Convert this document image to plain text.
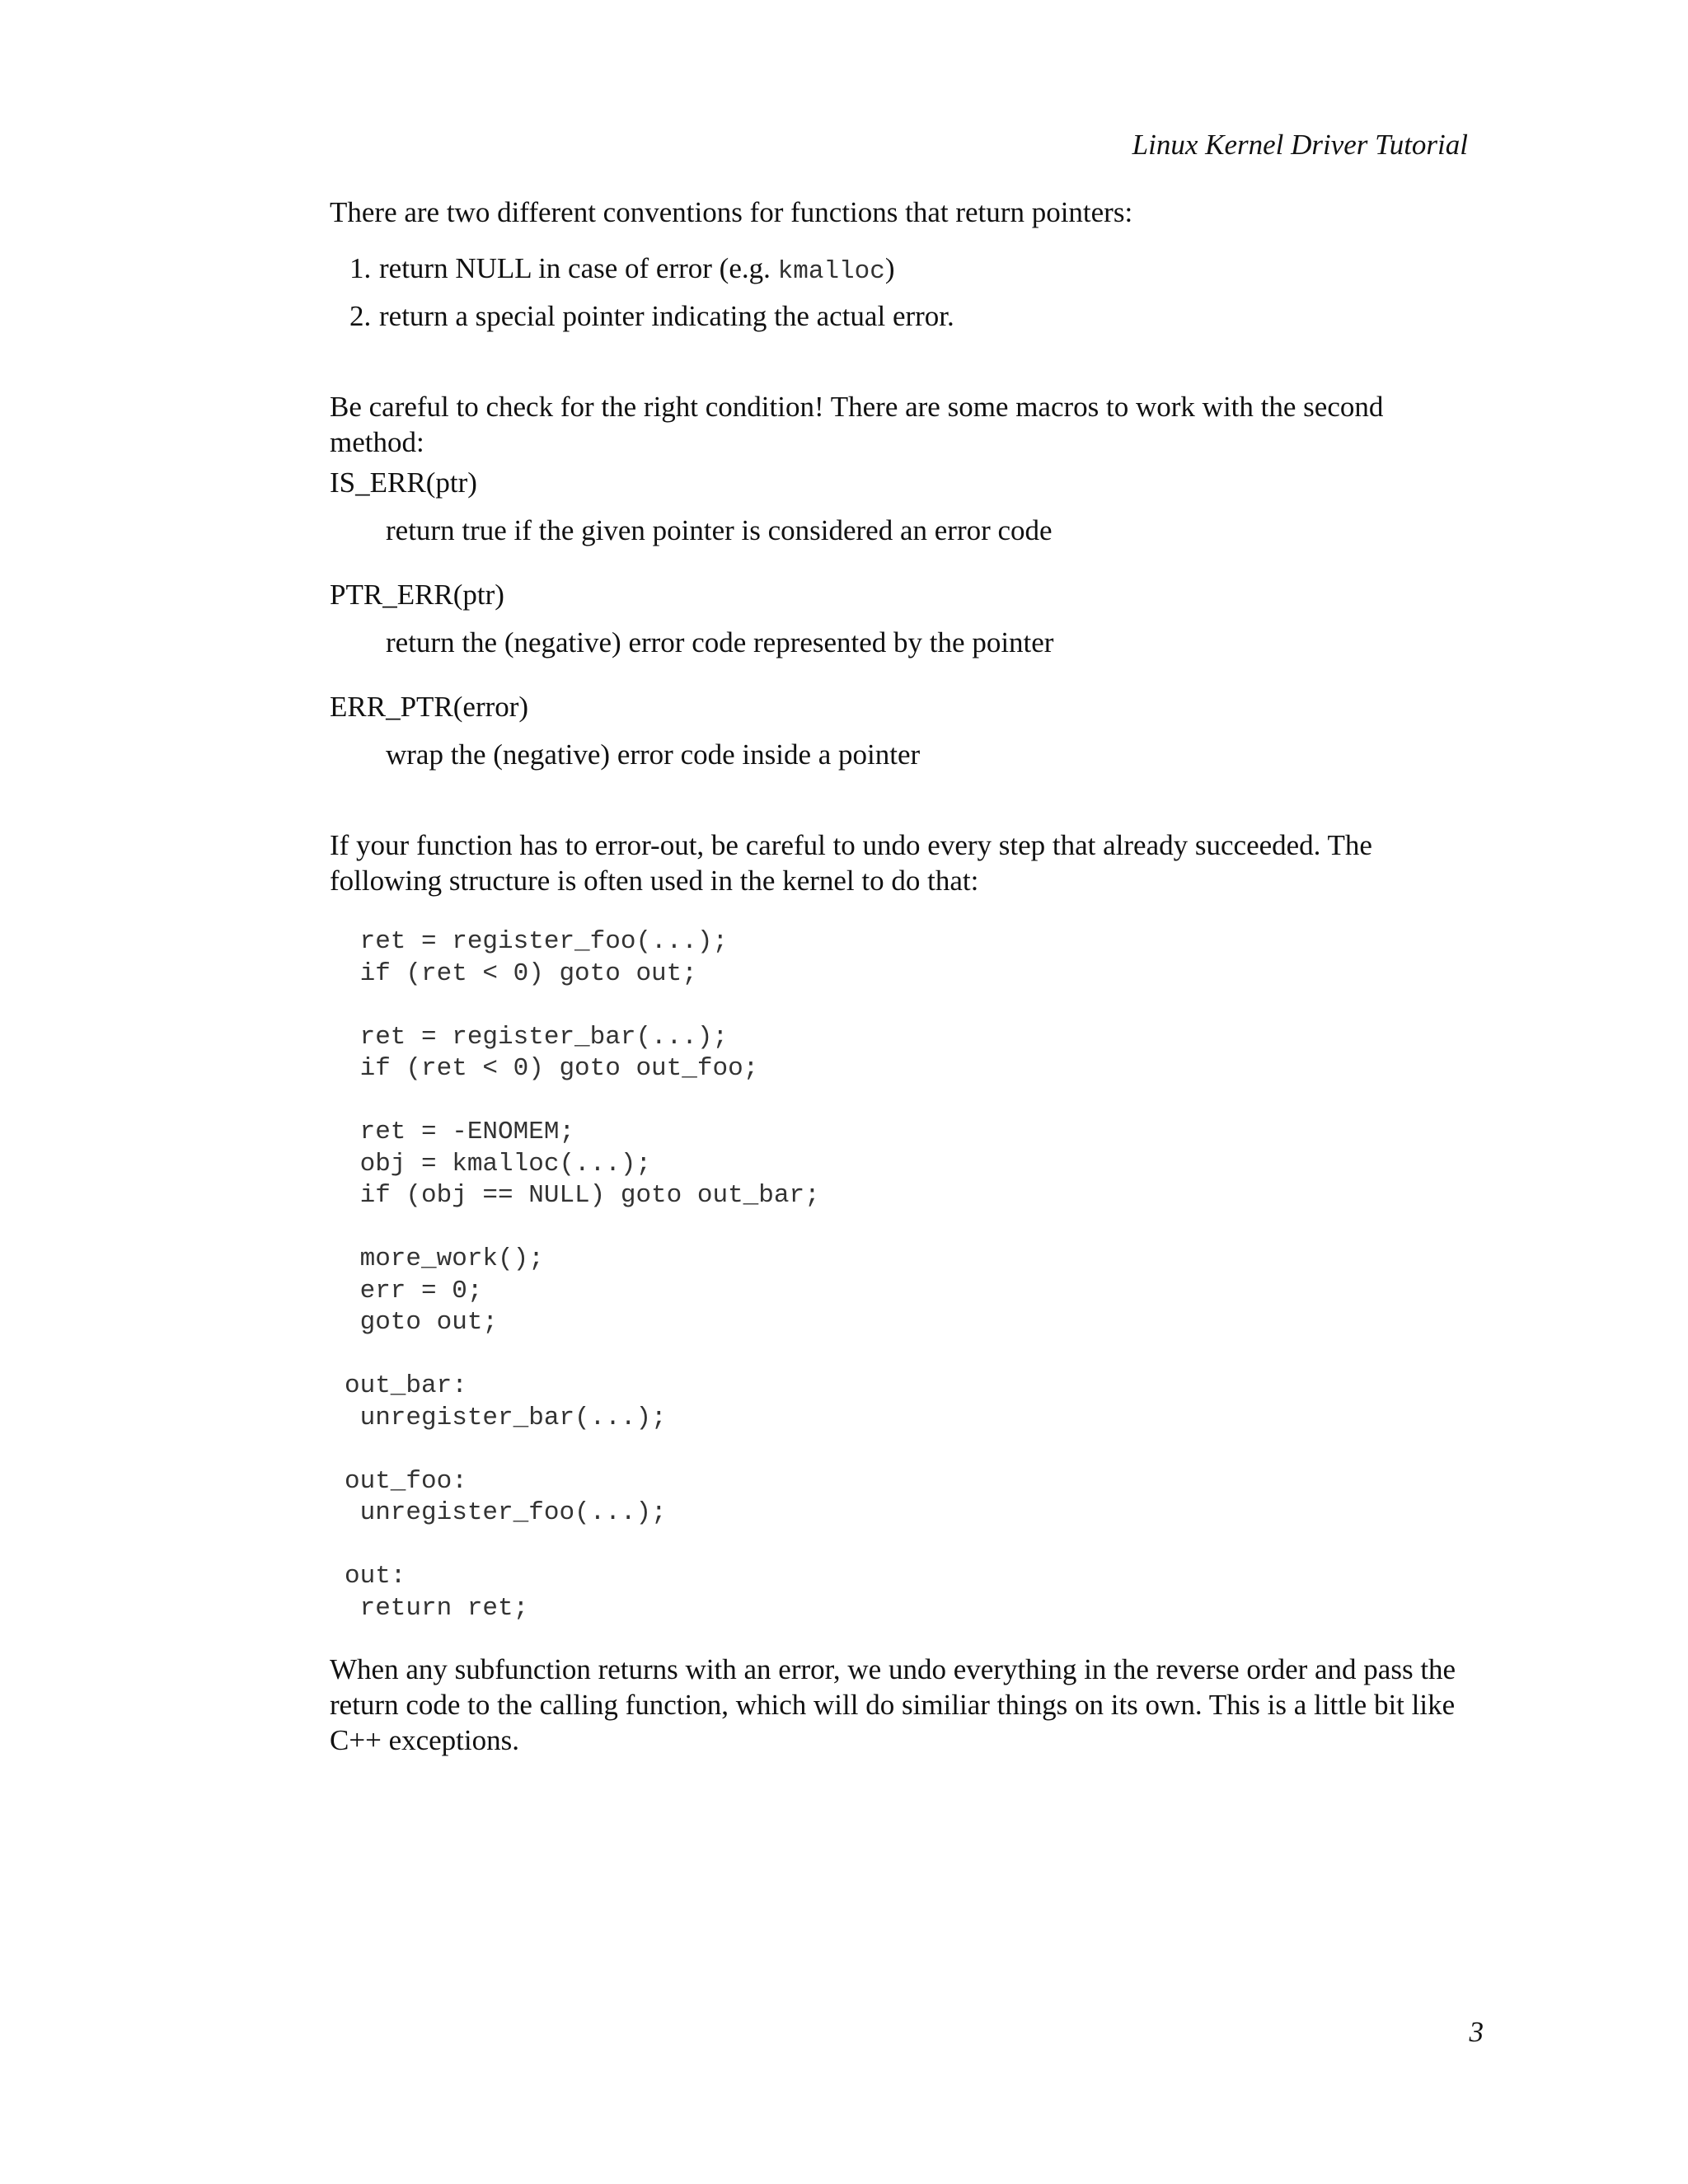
Linux Kernel Driver Tutorial
There are two different conventions for functions that return pointers:
1. return NULL in case of error (e.g. kmalloc)
2. return a special pointer indicating the actual error.
Be careful to check for the right condition! There are some macros to work with the second method:
IS_ERR(ptr)
return true if the given pointer is considered an error code
PTR_ERR(ptr)
return the (negative) error code represented by the pointer
ERR_PTR(error)
wrap the (negative) error code inside a pointer
If your function has to error-out, be careful to undo every step that already succeeded. The following structure is often used in the kernel to do that:
ret = register_foo(...);
if (ret < 0) goto out;

ret = register_bar(...);
if (ret < 0) goto out_foo;

ret = -ENOMEM;
obj = kmalloc(...);
if (obj == NULL) goto out_bar;

more_work();
err = 0;
goto out;

out_bar:
unregister_bar(...);

out_foo:
unregister_foo(...);

out:
return ret;
When any subfunction returns with an error, we undo everything in the reverse order and pass the return code to the calling function, which will do similiar things on its own. This is a little bit like C++ exceptions.
3
